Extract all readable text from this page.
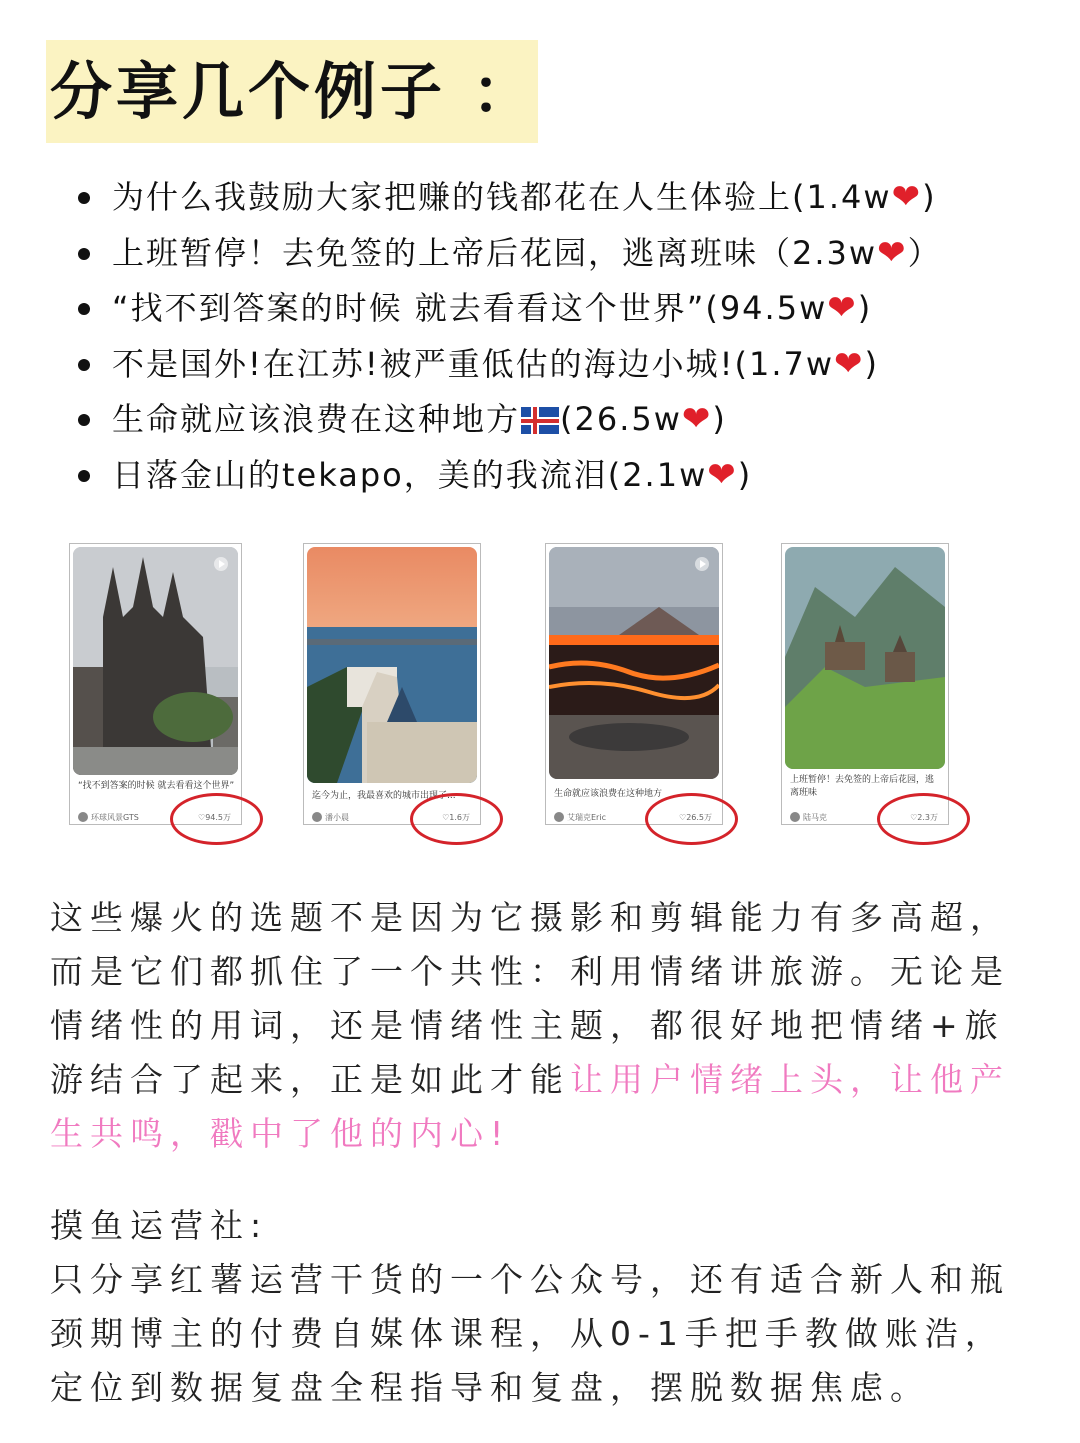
分享几个例子 ：
为什么我鼓励大家把赚的钱都花在人生体验上(1.4w❤)
上班暂停！去免签的上帝后花园，逃离班味（2.3w❤）
“找不到答案的时候 就去看看这个世界”(94.5w❤)
不是国外!在江苏!被严重低估的海边小城!(1.7w❤)
生命就应该浪费在这种地方 (26.5w❤)
日落金山的tekapo，美的我流泪(2.1w❤)
“找不到答案的时候 就去看看这个世界”
环球风景GTS	♡94.5万
迄今为止，我最喜欢的城市出现了...
潘小晨	♡1.6万
生命就应该浪费在这种地方
艾瑞克Eric	♡26.5万
上班暂停！去免签的上帝后花园，逃离班味
陆马克	♡2.3万
这些爆火的选题不是因为它摄影和剪辑能力有多高超，而是它们都抓住了一个共性：利用情绪讲旅游。无论是情绪性的用词，还是情绪性主题，都很好地把情绪+旅游结合了起来，正是如此才能让用户情绪上头，让他产生共鸣，戳中了他的内心!
摸鱼运营社:
只分享红薯运营干货的一个公众号，还有适合新人和瓶颈期博主的付费自媒体课程，从0-1手把手教做账浩，定位到数据复盘全程指导和复盘，摆脱数据焦虑。
